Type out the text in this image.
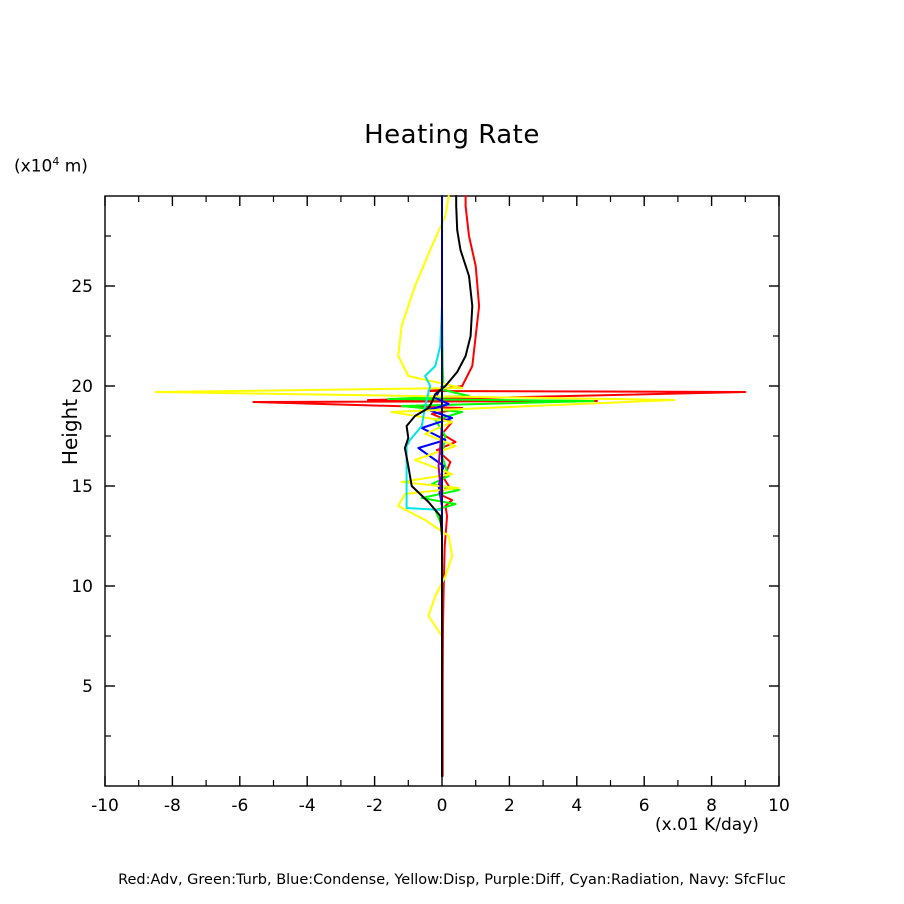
Heating Rate
($x10^4$ m)
Height
(x.01 K/day)
Red:Adv, Green:Turb, Blue:Condense, Yellow:Disp, Purple:Diff, Cyan:Radiation, Navy: SfcFluc
-10	-8	-6	-4	-2	0	2	4	6	8	10
5
10
15
20
25
